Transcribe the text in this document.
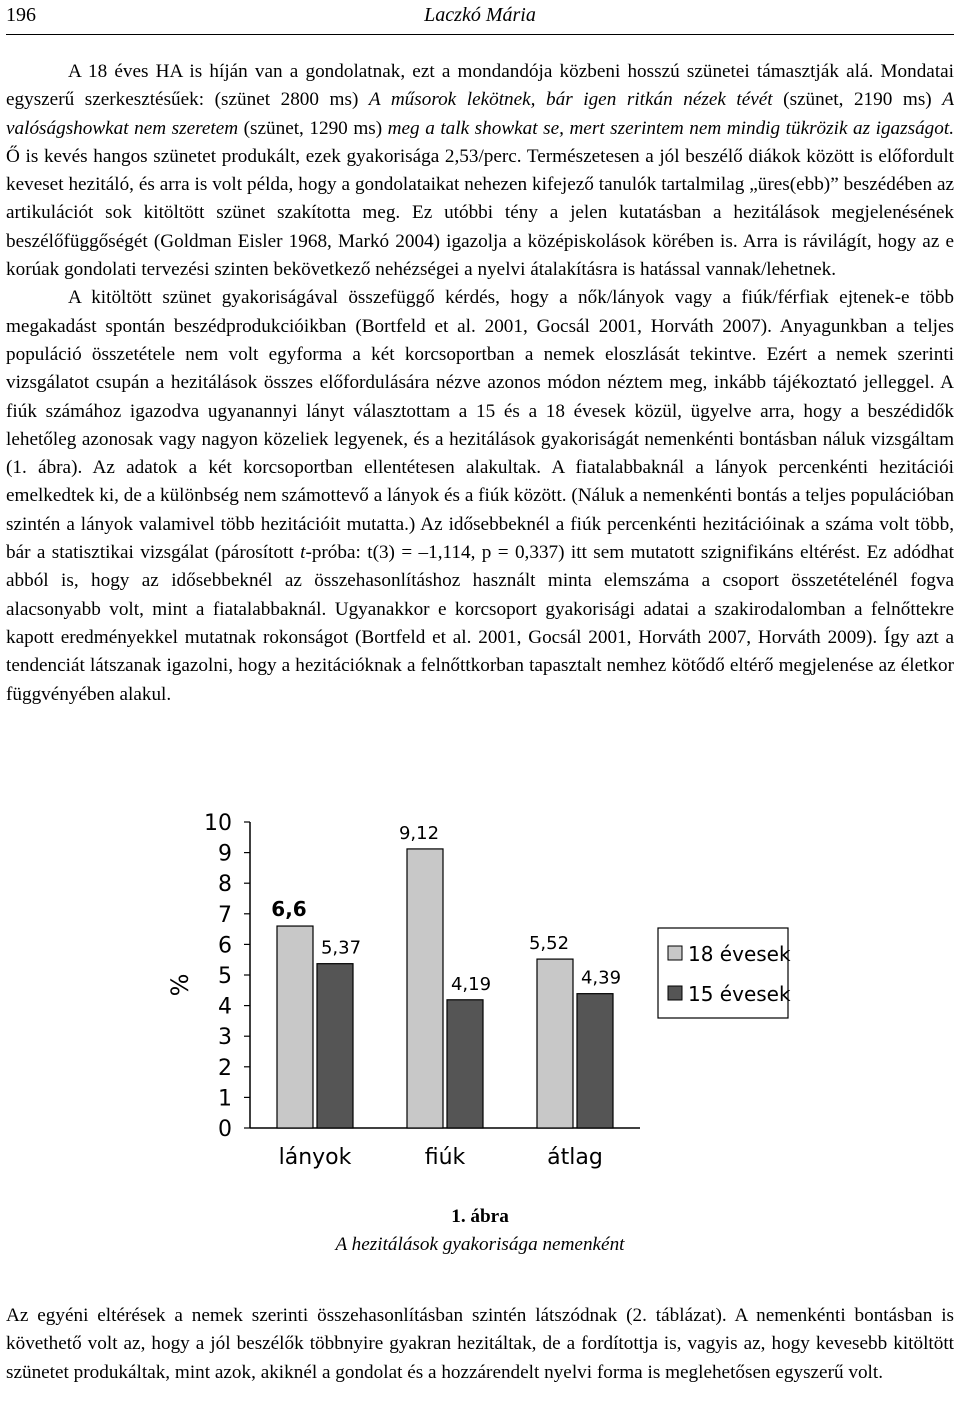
196	Laczkó Mária

A 18 éves HA is híján van a gondolatnak, ezt a mondandója közbeni hosszú szünetei támasztják alá. Mondatai egyszerű szerkesztésűek: (szünet 2800 ms) A műsorok lekötnek, bár igen ritkán nézek tévét (szünet, 2190 ms) A valóságshowkat nem szeretem (szünet, 1290 ms) meg a talk showkat se, mert szerintem nem mindig tükrözik az igazságot. Ő is kevés hangos szünetet produkált, ezek gyakorisága 2,53/perc. Természetesen a jól beszélő diákok között is előfordult keveset hezitáló, és arra is volt példa, hogy a gondolataikat nehezen kifejező tanulók tartalmilag „üres(ebb)” beszédében az artikulációt sok kitöltött szünet szakította meg. Ez utóbbi tény a jelen kutatásban a hezitálások megjelenésének beszélőfüggőségét (Goldman Eisler 1968, Markó 2004) igazolja a középiskolások körében is. Arra is rávilágít, hogy az e korúak gondolati tervezési szinten bekövetkező nehézségei a nyelvi átalakításra is hatással vannak/lehetnek.

A kitöltött szünet gyakoriságával összefüggő kérdés, hogy a nők/lányok vagy a fiúk/férfiak ejtenek-e több megakadást spontán beszédprodukcióikban (Bortfeld et al. 2001, Gocsál 2001, Horváth 2007). Anyagunkban a teljes populáció összetétele nem volt egyforma a két korcsoportban a nemek eloszlását tekintve. Ezért a nemek szerinti vizsgálatot csupán a hezitálások összes előfordulására nézve azonos módon néztem meg, inkább tájékoztató jelleggel. A fiúk számához igazodva ugyanannyi lányt választottam a 15 és a 18 évesek közül, ügyelve arra, hogy a beszédidők lehetőleg azonosak vagy nagyon közeliek legyenek, és a hezitálások gyakoriságát nemenkénti bontásban náluk vizsgáltam (1. ábra). Az adatok a két korcsoportban ellentétesen alakultak. A fiatalabbaknál a lányok percenkénti hezitációi emelkedtek ki, de a különbség nem számottevő a lányok és a fiúk között. (Náluk a nemenkénti bontás a teljes populációban szintén a lányok valamivel több hezitációit mutatta.) Az idősebbeknél a fiúk percenkénti hezitációinak a száma volt több, bár a statisztikai vizsgálat (párosított t-próba: t(3) = –1,114, p = 0,337) itt sem mutatott szignifikáns eltérést. Ez adódhat abból is, hogy az idősebbeknél az összehasonlításhoz használt minta elemszáma a csoport összetételénél fogva alacsonyabb volt, mint a fiatalabbaknál. Ugyanakkor e korcsoport gyakorisági adatai a szakirodalomban a felnőttekre kapott eredményekkel mutatnak rokonságot (Bortfeld et al. 2001, Gocsál 2001, Horváth 2007, Horváth 2009). Így azt a tendenciát látszanak igazolni, hogy a hezitációknak a felnőttkorban tapasztalt nemhez kötődő eltérő megjelenése az életkor függvényében alakul.

0
1
2
3
4
5
6
7
8
9
10
%
6,6
9,12
5,52
5,37
4,19	4,39
lányok	fiúk	átlag
18 évesek
15 évesek
1. ábra
A hezitálások gyakorisága nemenként

Az egyéni eltérések a nemek szerinti összehasonlításban szintén látszódnak (2. táblázat). A nemenkénti bontásban is követhető volt az, hogy a jól beszélők többnyire gyakran hezitáltak, de a fordítottja is, vagyis az, hogy kevesebb kitöltött szünetet produkáltak, mint azok, akiknél a gondolat és a hozzárendelt nyelvi forma is meglehetősen egyszerű volt.
